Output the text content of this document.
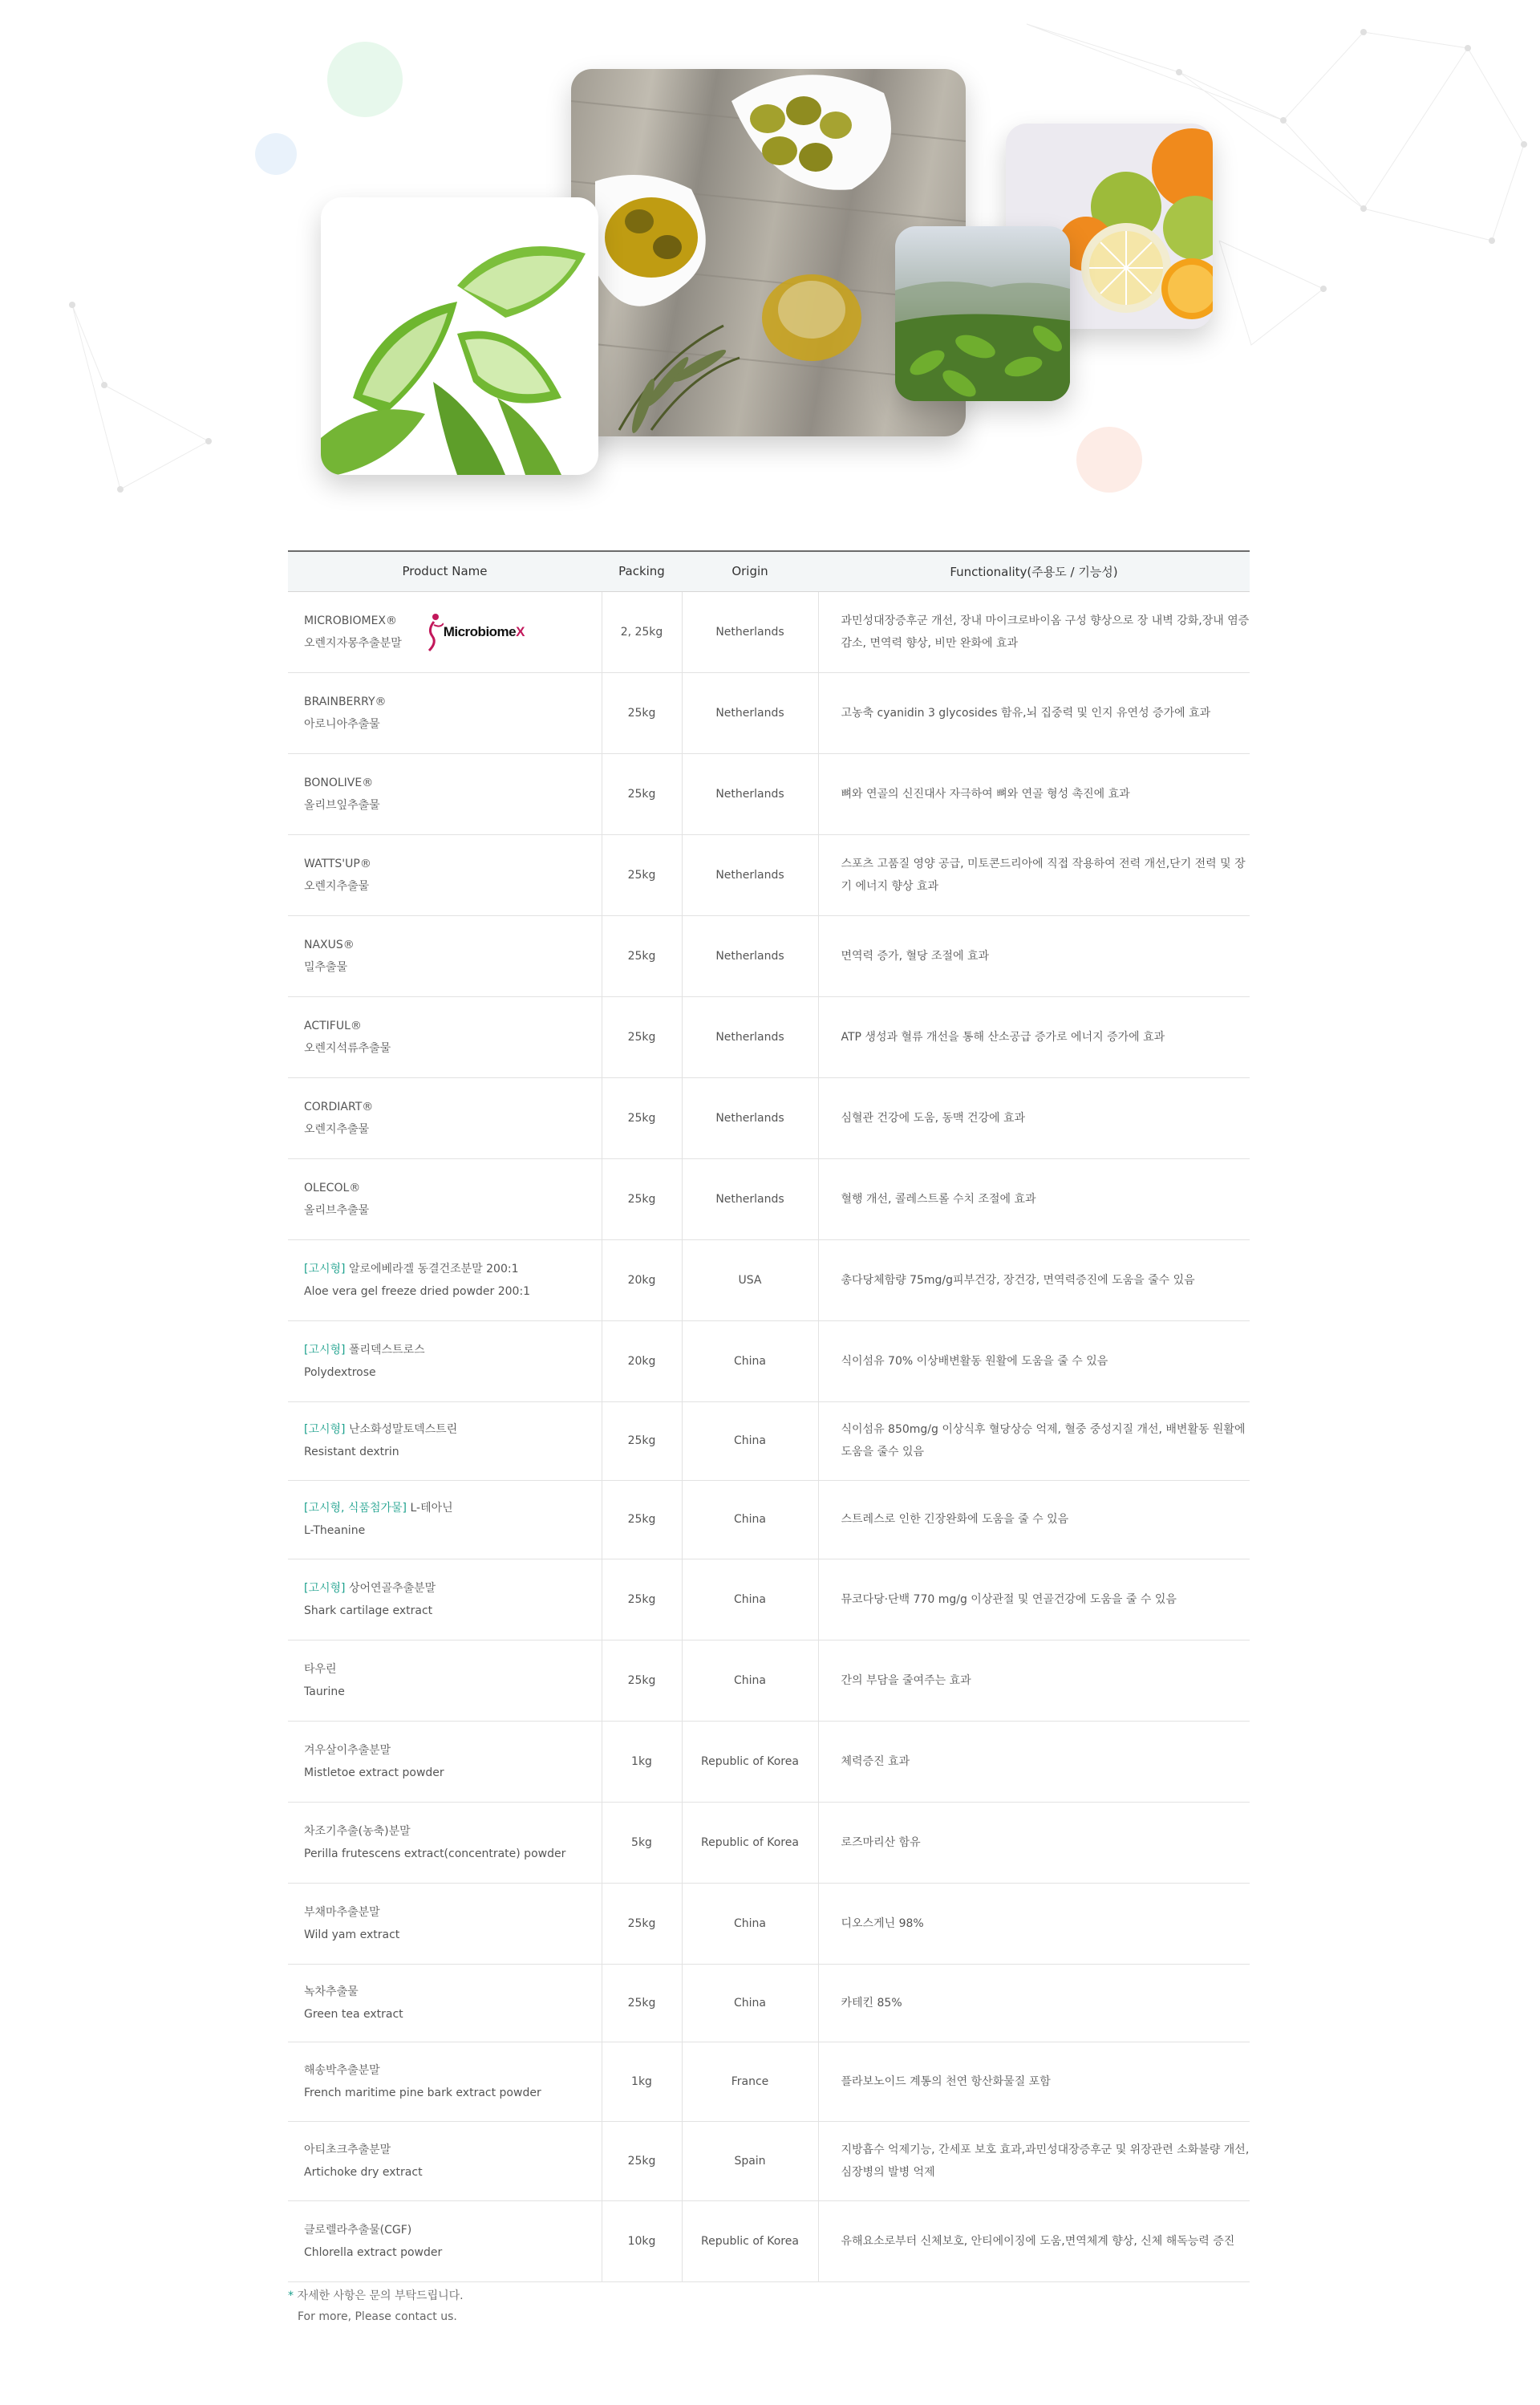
Product Name	Packing	Origin	Functionality(주용도 / 기능성)

MICROBIOMEX®
오렌지자몽추출분말
MicrobiomeX	2, 25kg	Netherlands	과민성대장증후군 개선, 장내 마이크로바이옴 구성 향상으로 장 내벽 강화,장내 염증 감소, 면역력 향상, 비만 완화에 효과

BRAINBERRY®
아로니아추출물	25kg	Netherlands	고농축 cyanidin 3 glycosides 함유,뇌 집중력 및 인지 유연성 증가에 효과

BONOLIVE®
올리브잎추출물	25kg	Netherlands	뼈와 연골의 신진대사 자극하여 뼈와 연골 형성 촉진에 효과

WATTS'UP®
오렌지추출물	25kg	Netherlands	스포츠 고품질 영양 공급, 미토콘드리아에 직접 작용하여 전력 개선,단기 전력 및 장기 에너지 향상 효과

NAXUS®
밀추출물	25kg	Netherlands	면역력 증가, 혈당 조절에 효과

ACTIFUL®
오렌지석류추출물	25kg	Netherlands	ATP 생성과 혈류 개선을 통해 산소공급 증가로 에너지 증가에 효과

CORDIART®
오렌지추출물	25kg	Netherlands	심혈관 건강에 도움, 동맥 건강에 효과

OLECOL®
올리브추출물	25kg	Netherlands	혈행 개선, 콜레스트롤 수치 조절에 효과

[고시형] 알로에베라겔 동결건조분말 200:1
Aloe vera gel freeze dried powder 200:1	20kg	USA	총다당체함량 75mg/g피부건강, 장건강, 면역력증진에 도움을 줄수 있음

[고시형] 폴리덱스트로스
Polydextrose	20kg	China	식이섬유 70% 이상배변활동 원활에 도움을 줄 수 있음

[고시형] 난소화성말토덱스트린
Resistant dextrin	25kg	China	식이섬유 850mg/g 이상식후 혈당상승 억제, 혈중 중성지질 개선, 배변활동 원활에 도움을 줄수 있음

[고시형, 식품첨가물] L-테아닌
L-Theanine	25kg	China	스트레스로 인한 긴장완화에 도움을 줄 수 있음

[고시형] 상어연골추출분말
Shark cartilage extract	25kg	China	뮤코다당·단백 770 mg/g 이상관절 및 연골건강에 도움을 줄 수 있음

타우린
Taurine	25kg	China	간의 부담을 줄여주는 효과

겨우살이추출분말
Mistletoe extract powder	1kg	Republic of Korea	체력증진 효과

차조기추출(농축)분말
Perilla frutescens extract(concentrate) powder	5kg	Republic of Korea	로즈마리산 함유

부채마추출분말
Wild yam extract	25kg	China	디오스게닌 98%

녹차추출물
Green tea extract	25kg	China	카테킨 85%

해송박추출분말
French maritime pine bark extract powder	1kg	France	플라보노이드 계통의 천연 항산화물질 포함

아티초크추출분말
Artichoke dry extract	25kg	Spain	지방흡수 억제기능, 간세포 보호 효과,과민성대장증후군 및 위장관련 소화불량 개선, 심장병의 발병 억제

클로렐라추출물(CGF)
Chlorella extract powder	10kg	Republic of Korea	유해요소로부터 신체보호, 안티에이징에 도움,면역체계 향상, 신체 해독능력 증진
* 자세한 사항은 문의 부탁드립니다.
For more, Please contact us.
